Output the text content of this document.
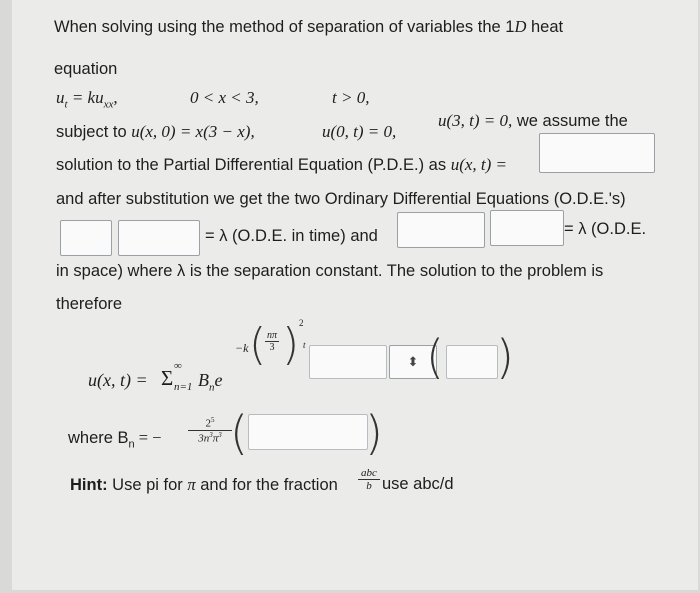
When solving using the method of separation of variables the 1D heat
equation
$u_t = ku_{xx}$,	0 < x < 3,	t > 0,
subject to u(x, 0) = x(3 − x),	u(0, t) = 0,
u(3, t) = 0, we assume the
solution to the Partial Differential Equation (P.D.E.) as u(x, t) =
and after substitution we get the two Ordinary Differential Equations (O.D.E.'s)
= λ (O.D.E. in time) and	= λ (O.D.E.
in space) where λ is the separation constant. The solution to the problem is
therefore
u(x, t) = Σ ∞
n=1 $B_ne$
−k (
$\frac{n\pi}{3}$ ) 2
t
⬍ ( )
where $B_n$ = − $\frac{2^5}{3n^3\pi^3}$
(	)
Hint: Use pi for π and for the fraction
abc
b use abc/d
